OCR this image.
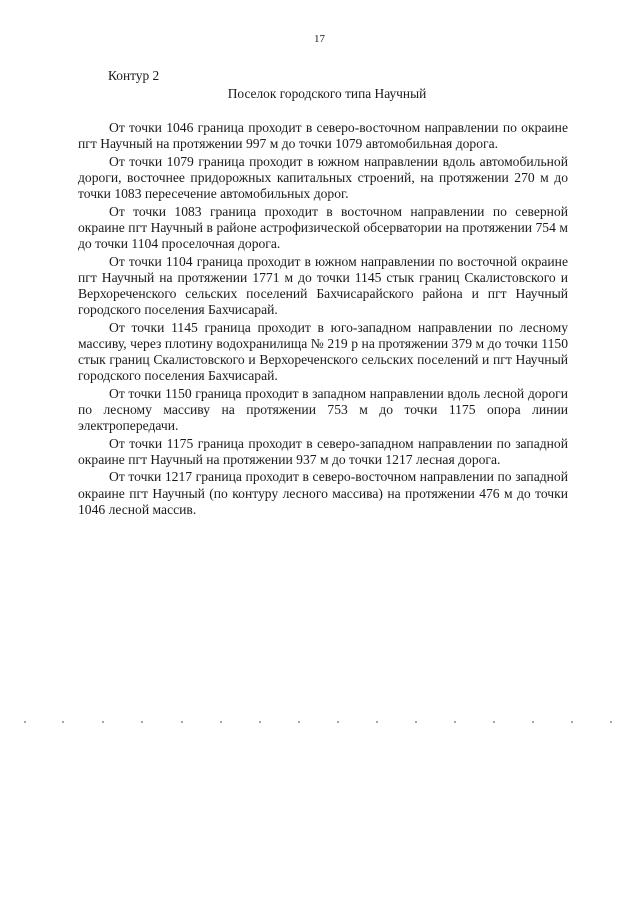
17
Контур 2
Поселок городского типа Научный

От точки 1046 граница проходит в северо-восточном направлении по окраине пгт Научный на протяжении 997 м до точки 1079 автомобильная дорога.

От точки 1079 граница проходит в южном направлении вдоль автомобильной дороги, восточнее придорожных капитальных строений, на протяжении 270 м до точки 1083 пересечение автомобильных дорог.

От точки 1083 граница проходит в восточном направлении по северной окраине пгт Научный в районе астрофизической обсерватории на протяжении 754 м до точки 1104 проселочная дорога.

От точки 1104 граница проходит в южном направлении по восточной окраине пгт Научный на протяжении 1771 м до точки 1145 стык границ Скалистовского и Верхореченского сельских поселений Бахчисарайского района и пгт Научный городского поселения Бахчисарай.

От точки 1145 граница проходит в юго-западном направлении по лесному массиву, через плотину водохранилища № 219 р на протяжении 379 м до точки 1150 стык границ Скалистовского и Верхореченского сельских поселений и пгт Научный городского поселения Бахчисарай.

От точки 1150 граница проходит в западном направлении вдоль лесной дороги по лесному массиву на протяжении 753 м до точки 1175 опора линии электропередачи.

От точки 1175 граница проходит в северо-западном направлении по западной окраине пгт Научный на протяжении 937 м до точки 1217 лесная дорога.

От точки 1217 граница проходит в северо-восточном направлении по западной окраине пгт Научный (по контуру лесного массива) на протяжении 476 м до точки 1046 лесной массив.
